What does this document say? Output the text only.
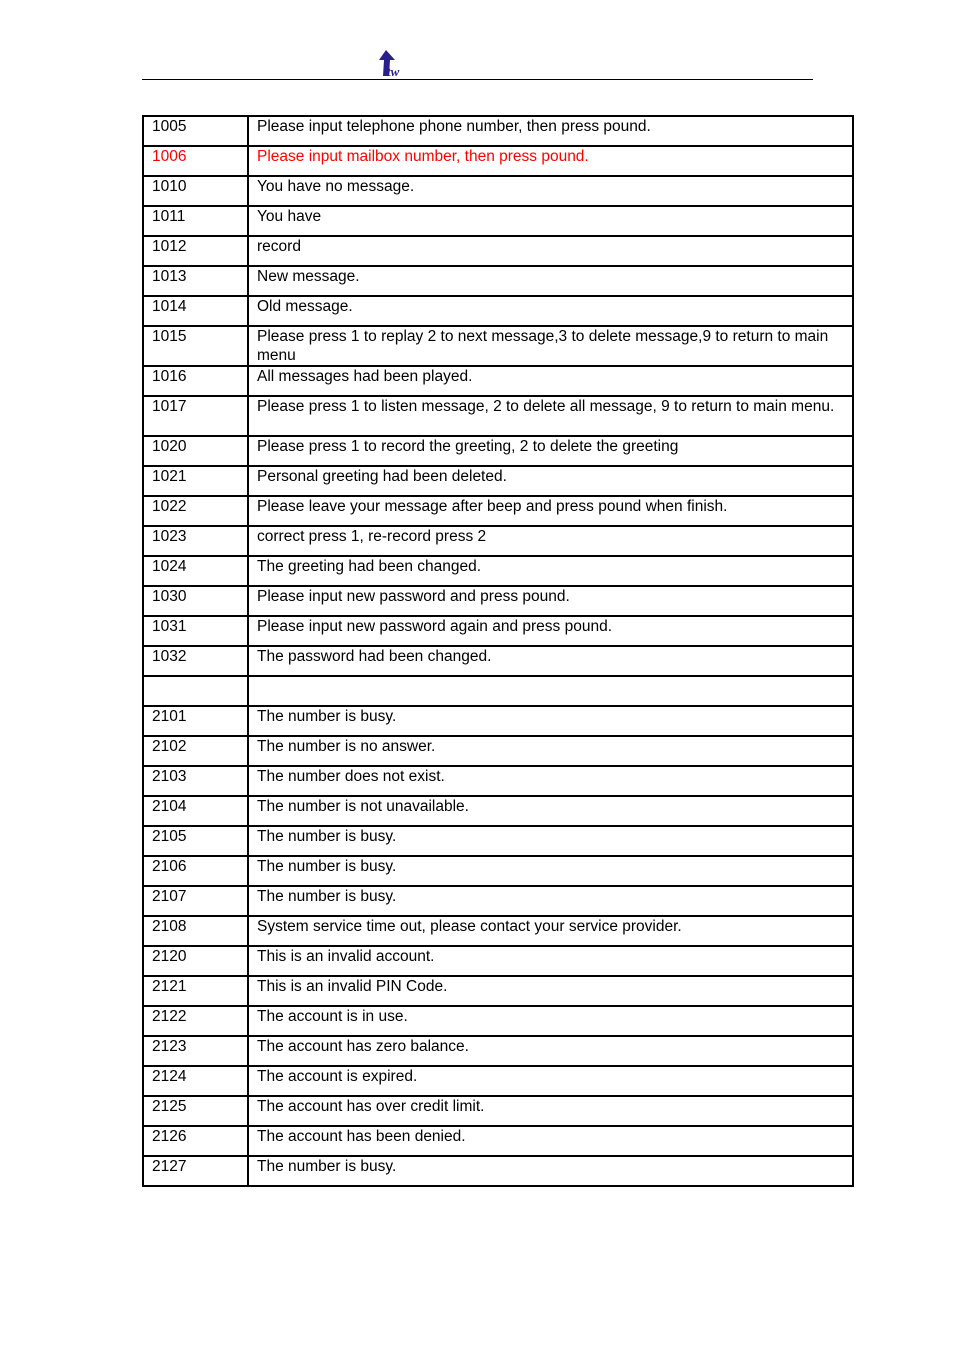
tw
1005	Please input telephone phone number, then press pound.
1006	Please input mailbox number, then press pound.
1010	You have no message.
1011	You have
1012	record
1013	New message.
1014	Old message.
1015	Please press 1 to replay 2 to next message,3 to delete message,9 to return to main menu
1016	All messages had been played.
1017	Please press 1 to listen message, 2 to delete all message, 9 to return to main menu.
1020	Please press 1 to record the greeting, 2 to delete the greeting
1021	Personal greeting had been deleted.
1022	Please leave your message after beep and press pound when finish.
1023	correct press 1, re-record press 2
1024	The greeting had been changed.
1030	Please input new password and press pound.
1031	Please input new password again and press pound.
1032	The password had been changed.

2101	The number is busy.
2102	The number is no answer.
2103	The number does not exist.
2104	The number is not unavailable.
2105	The number is busy.
2106	The number is busy.
2107	The number is busy.
2108	System service time out, please contact your service provider.
2120	This is an invalid account.
2121	This is an invalid PIN Code.
2122	The account is in use.
2123	The account has zero balance.
2124	The account is expired.
2125	The account has over credit limit.
2126	The account has been denied.
2127	The number is busy.
